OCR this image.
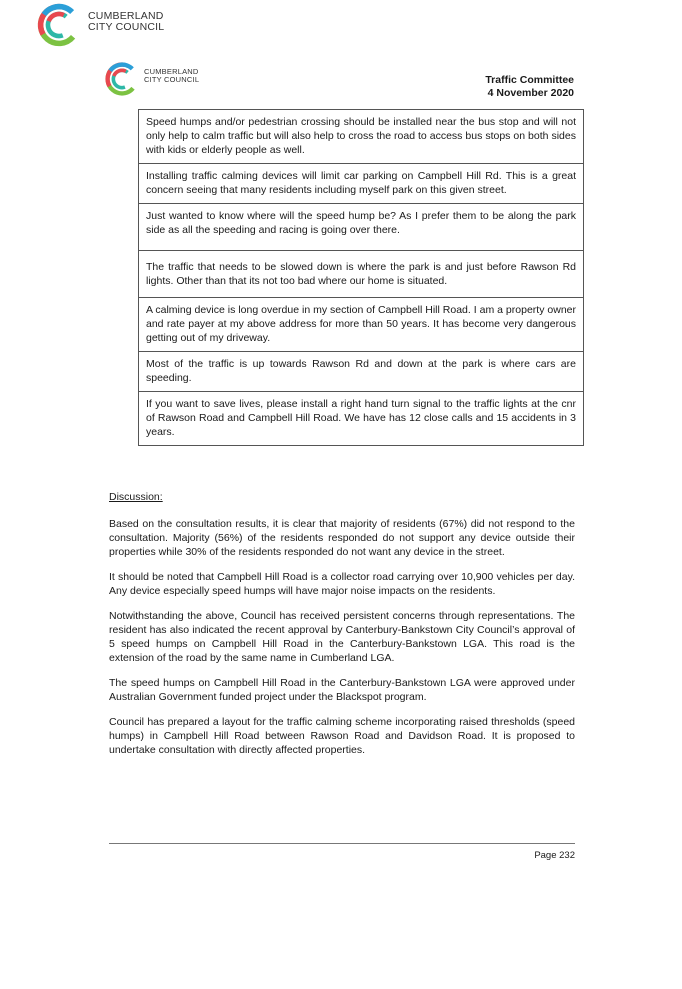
CUMBERLAND
CITY COUNCIL
CUMBERLAND
CITY COUNCIL	Traffic Committee
4 November 2020
Speed humps and/or pedestrian crossing should be installed near the bus stop and will not only help to calm traffic but will also help to cross the road to access bus stops on both sides with kids or elderly people as well.
Installing traffic calming devices will limit car parking on Campbell Hill Rd. This is a great concern seeing that many residents including myself park on this given street.
Just wanted to know where will the speed hump be? As I prefer them to be along the park side as all the speeding and racing is going over there.
The traffic that needs to be slowed down is where the park is and just before Rawson Rd lights. Other than that its not too bad where our home is situated.
A calming device is long overdue in my section of Campbell Hill Road. I am a property owner and rate payer at my above address for more than 50 years. It has become very dangerous getting out of my driveway.
Most of the traffic is up towards Rawson Rd and down at the park is where cars are speeding.
If you want to save lives, please install a right hand turn signal to the traffic lights at the cnr of Rawson Road and Campbell Hill Road. We have has 12 close calls and 15 accidents in 3 years.
Discussion:

Based on the consultation results, it is clear that majority of residents (67%) did not respond to the consultation. Majority (56%) of the residents responded do not support any device outside their properties while 30% of the residents responded do not want any device in the street.

It should be noted that Campbell Hill Road is a collector road carrying over 10,900 vehicles per day. Any device especially speed humps will have major noise impacts on the residents.

Notwithstanding the above, Council has received persistent concerns through representations. The resident has also indicated the recent approval by Canterbury-Bankstown City Council’s approval of 5 speed humps on Campbell Hill Road in the Canterbury-Bankstown LGA. This road is the extension of the road by the same name in Cumberland LGA.

The speed humps on Campbell Hill Road in the Canterbury-Bankstown LGA were approved under Australian Government funded project under the Blackspot program.

Council has prepared a layout for the traffic calming scheme incorporating raised thresholds (speed humps) in Campbell Hill Road between Rawson Road and Davidson Road. It is proposed to undertake consultation with directly affected properties.

Page 232
